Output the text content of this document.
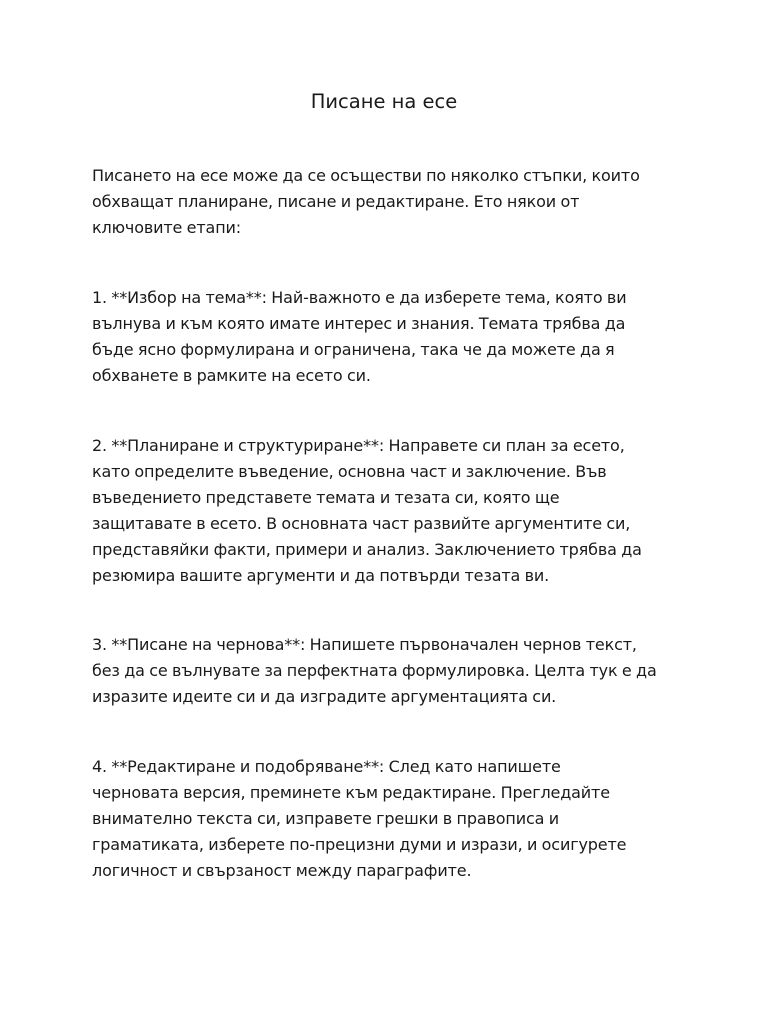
Писане на есе

Писането на есе може да се осъществи по няколко стъпки, които
обхващат планиране, писане и редактиране. Ето някои от
ключовите етапи:

1. **Избор на тема**: Най-важното е да изберете тема, която ви
вълнува и към която имате интерес и знания. Темата трябва да
бъде ясно формулирана и ограничена, така че да можете да я
обхванете в рамките на есето си.

2. **Планиране и структуриране**: Направете си план за есето,
като определите въведение, основна част и заключение. Във
въведението представете темата и тезата си, която ще
защитавате в есето. В основната част развийте аргументите си,
представяйки факти, примери и анализ. Заключението трябва да
резюмира вашите аргументи и да потвърди тезата ви.

3. **Писане на чернова**: Напишете първоначален чернов текст,
без да се вълнувате за перфектната формулировка. Целта тук е да
изразите идеите си и да изградите аргументацията си.

4. **Редактиране и подобряване**: След като напишете
черновата версия, преминете към редактиране. Прегледайте
внимателно текста си, изправете грешки в правописа и
граматиката, изберете по-прецизни думи и изрази, и осигурете
логичност и свързаност между параграфите.
